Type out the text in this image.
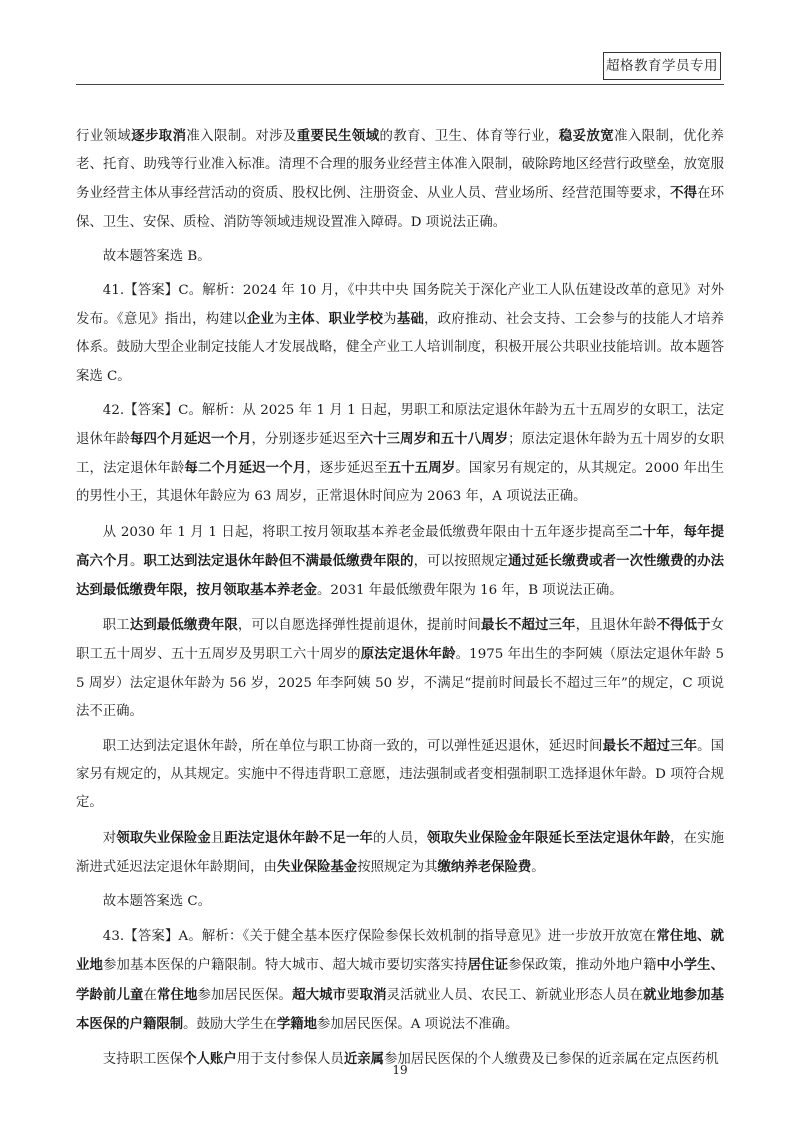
超格教育学员专用

行业领域逐步取消准入限制。对涉及重要民生领域的教育、卫生、体育等行业，稳妥放宽准入限制，优化养老、托育、助残等行业准入标准。清理不合理的服务业经营主体准入限制，破除跨地区经营行政壁垒，放宽服务业经营主体从事经营活动的资质、股权比例、注册资金、从业人员、营业场所、经营范围等要求，不得在环保、卫生、安保、质检、消防等领域违规设置准入障碍。D 项说法正确。

故本题答案选 B。

41.【答案】C。解析：2024 年 10 月，《中共中央 国务院关于深化产业工人队伍建设改革的意见》对外发布。《意见》指出，构建以企业为主体、职业学校为基础，政府推动、社会支持、工会参与的技能人才培养体系。鼓励大型企业制定技能人才发展战略，健全产业工人培训制度，积极开展公共职业技能培训。故本题答案选 C。

42.【答案】C。解析：从 2025 年 1 月 1 日起，男职工和原法定退休年龄为五十五周岁的女职工，法定退休年龄每四个月延迟一个月，分别逐步延迟至六十三周岁和五十八周岁；原法定退休年龄为五十周岁的女职工，法定退休年龄每二个月延迟一个月，逐步延迟至五十五周岁。国家另有规定的，从其规定。2000 年出生的男性小王，其退休年龄应为 63 周岁，正常退休时间应为 2063 年，A 项说法正确。

从 2030 年 1 月 1 日起，将职工按月领取基本养老金最低缴费年限由十五年逐步提高至二十年，每年提高六个月。职工达到法定退休年龄但不满最低缴费年限的，可以按照规定通过延长缴费或者一次性缴费的办法达到最低缴费年限，按月领取基本养老金。2031 年最低缴费年限为 16 年，B 项说法正确。

职工达到最低缴费年限，可以自愿选择弹性提前退休，提前时间最长不超过三年，且退休年龄不得低于女职工五十周岁、五十五周岁及男职工六十周岁的原法定退休年龄。1975 年出生的李阿姨（原法定退休年龄 55 周岁）法定退休年龄为 56 岁，2025 年李阿姨 50 岁，不满足“提前时间最长不超过三年”的规定，C 项说法不正确。

职工达到法定退休年龄，所在单位与职工协商一致的，可以弹性延迟退休，延迟时间最长不超过三年。国家另有规定的，从其规定。实施中不得违背职工意愿，违法强制或者变相强制职工选择退休年龄。D 项符合规定。

对领取失业保险金且距法定退休年龄不足一年的人员，领取失业保险金年限延长至法定退休年龄，在实施渐进式延迟法定退休年龄期间，由失业保险基金按照规定为其缴纳养老保险费。

故本题答案选 C。

43.【答案】A。解析：《关于健全基本医疗保险参保长效机制的指导意见》进一步放开放宽在常住地、就业地参加基本医保的户籍限制。特大城市、超大城市要切实落实持居住证参保政策，推动外地户籍中小学生、学龄前儿童在常住地参加居民医保。超大城市要取消灵活就业人员、农民工、新就业形态人员在就业地参加基本医保的户籍限制。鼓励大学生在学籍地参加居民医保。A 项说法不准确。

支持职工医保个人账户用于支付参保人员近亲属参加居民医保的个人缴费及已参保的近亲属在定点医药机

19
